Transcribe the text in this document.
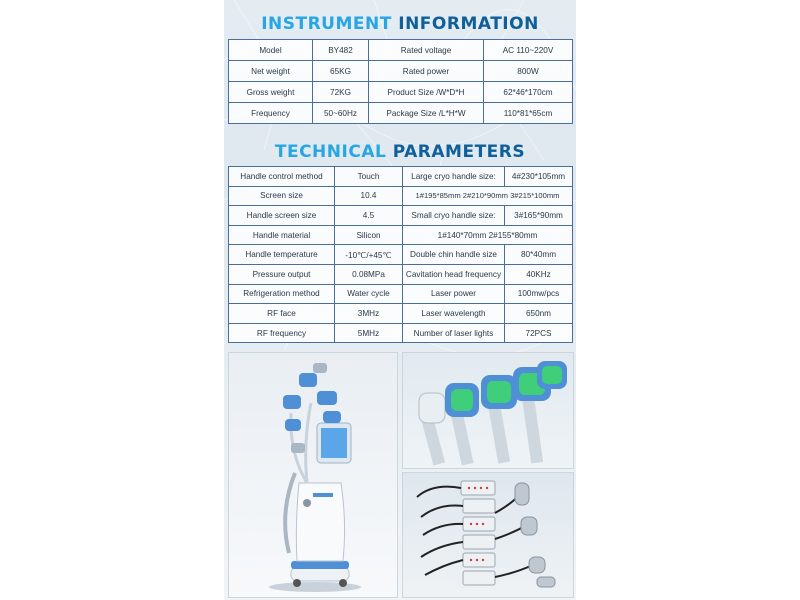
INSTRUMENT INFORMATION
Model	BY482	Rated voltage	AC 110~220V
Net weight	65KG	Rated power	800W
Gross weight	72KG	Product Size /W*D*H	62*46*170cm
Frequency	50~60Hz	Package Size /L*H*W	110*81*65cm
TECHNICAL PARAMETERS
Handle control method	Touch	Large cryo handle size:	4#230*105mm
Screen size	10.4	1#195*85mm 2#210*90mm 3#215*100mm	
Handle screen size	4.5	Small cryo handle size:	3#165*90mm
Handle material	Silicon	1#140*70mm 2#155*80mm	
Handle temperature	-10℃/+45℃	Double chin handle size	80*40mm
Pressure output	0.08MPa	Cavitation head frequency	40KHz
Refrigeration method	Water cycle	Laser power	100mw/pcs
RF face	3MHz	Laser wavelength	650nm
RF frequency	5MHz	Number of laser lights	72PCS
